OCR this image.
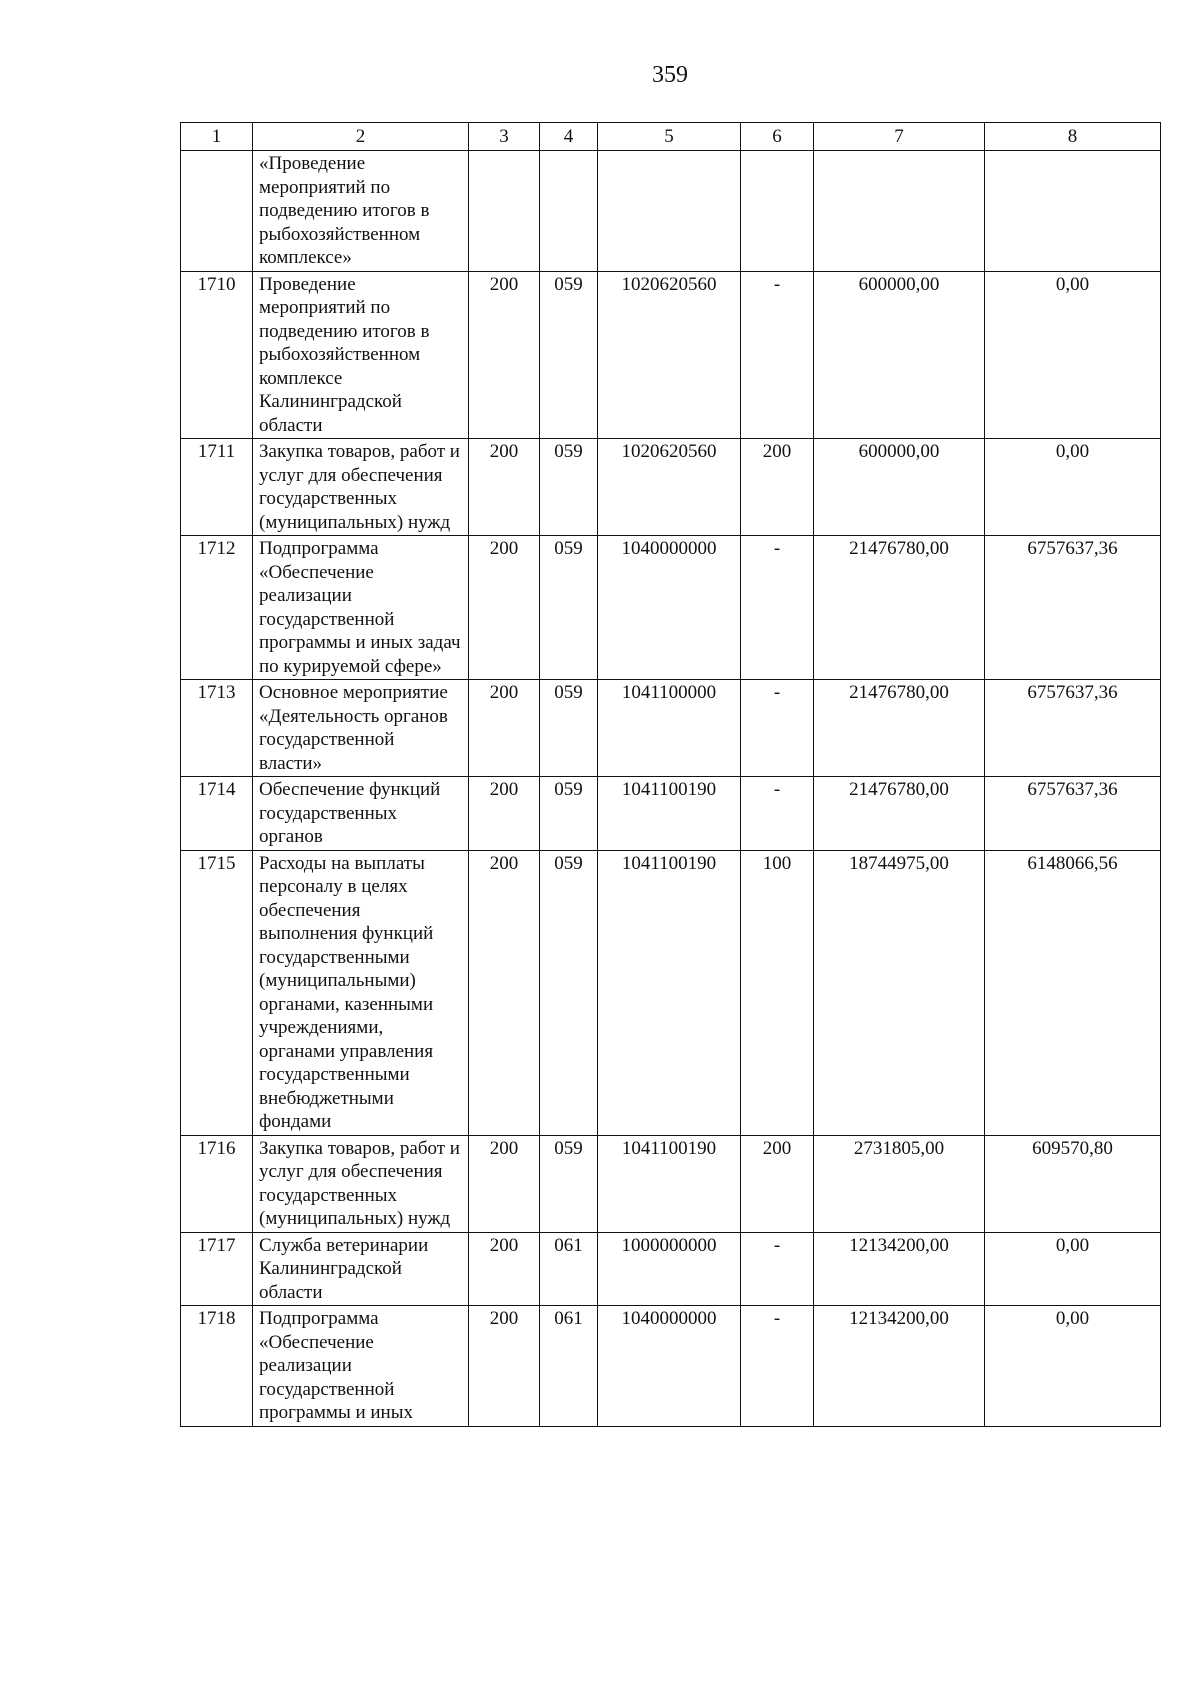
359
1	2	3	4	5	6	7	8
	«Проведение мероприятий по подведению итогов в рыбохозяйственном комплексе»						
1710	Проведение мероприятий по подведению итогов в рыбохозяйственном комплексе Калининградской области	200	059	1020620560	-	600000,00	0,00
1711	Закупка товаров, работ и услуг для обеспечения государственных (муниципальных) нужд	200	059	1020620560	200	600000,00	0,00
1712	Подпрограмма «Обеспечение реализации государственной программы и иных задач по курируемой сфере»	200	059	1040000000	-	21476780,00	6757637,36
1713	Основное мероприятие «Деятельность органов государственной власти»	200	059	1041100000	-	21476780,00	6757637,36
1714	Обеспечение функций государственных органов	200	059	1041100190	-	21476780,00	6757637,36
1715	Расходы на выплаты персоналу в целях обеспечения выполнения функций государственными (муниципальными) органами, казенными учреждениями, органами управления государственными внебюджетными фондами	200	059	1041100190	100	18744975,00	6148066,56
1716	Закупка товаров, работ и услуг для обеспечения государственных (муниципальных) нужд	200	059	1041100190	200	2731805,00	609570,80
1717	Служба ветеринарии Калининградской области	200	061	1000000000	-	12134200,00	0,00
1718	Подпрограмма «Обеспечение реализации государственной программы и иных	200	061	1040000000	-	12134200,00	0,00
